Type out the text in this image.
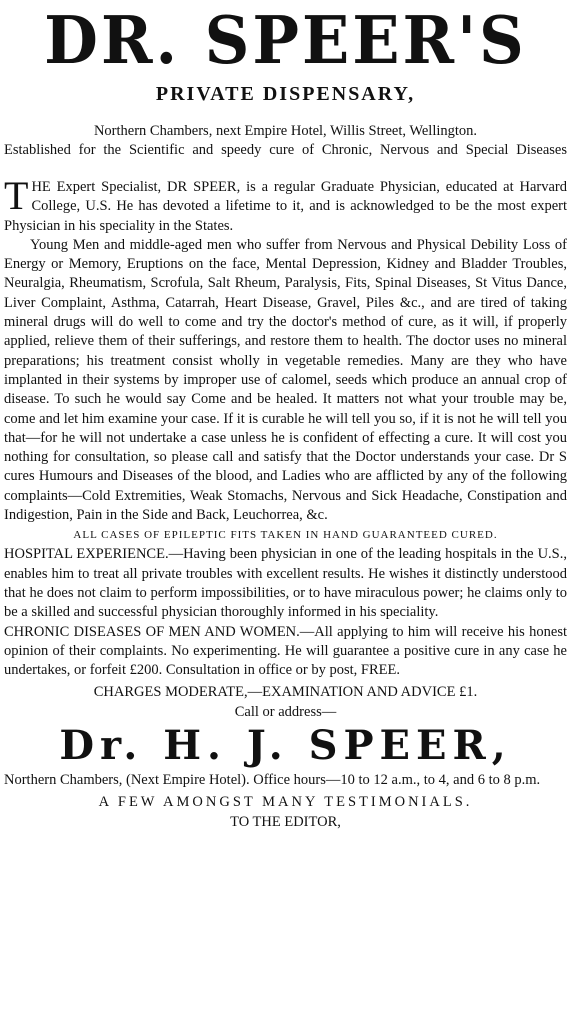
DR. SPEER'S
PRIVATE DISPENSARY,
Northern Chambers, next Empire Hotel, Willis Street, Wellington.
Established for the Scientific and speedy cure of Chronic, Nervous and Special Diseases

THE Expert Specialist, DR SPEER, is a regular Graduate Physician, educated at Harvard College, U.S. He has devoted a lifetime to it, and is acknowledged to be the most expert Physician in his speciality in the States.

Young Men and middle-aged men who suffer from Nervous and Physical Debility Loss of Energy or Memory, Eruptions on the face, Mental Depression, Kidney and Bladder Troubles, Neuralgia, Rheumatism, Scrofula, Salt Rheum, Paralysis, Fits, Spinal Diseases, St Vitus Dance, Liver Complaint, Asthma, Catarrah, Heart Disease, Gravel, Piles &c., and are tired of taking mineral drugs will do well to come and try the doctor's method of cure, as it will, if properly applied, relieve them of their sufferings, and restore them to health. The doctor uses no mineral preparations; his treatment consist wholly in vegetable remedies. Many are they who have implanted in their systems by improper use of calomel, seeds which produce an annual crop of disease. To such he would say Come and be healed. It matters not what your trouble may be, come and let him examine your case. If it is curable he will tell you so, if it is not he will tell you that—for he will not undertake a case unless he is confident of effecting a cure. It will cost you nothing for consultation, so please call and satisfy that the Doctor understands your case. Dr S cures Humours and Diseases of the blood, and Ladies who are afflicted by any of the following complaints—Cold Extremities, Weak Stomachs, Nervous and Sick Headache, Constipation and Indigestion, Pain in the Side and Back, Leuchorrea, &c.

ALL CASES OF EPILEPTIC FITS TAKEN IN HAND GUARANTEED CURED.

HOSPITAL EXPERIENCE.—Having been physician in one of the leading hospitals in the U.S., enables him to treat all private troubles with excellent results. He wishes it distinctly understood that he does not claim to perform impossibilities, or to have miraculous power; he claims only to be a skilled and successful physician thoroughly informed in his speciality.

CHRONIC DISEASES OF MEN AND WOMEN.—All applying to him will receive his honest opinion of their complaints. No experimenting. He will guarantee a positive cure in any case he undertakes, or forfeit £200. Consultation in office or by post, FREE.

CHARGES MODERATE,—EXAMINATION AND ADVICE £1.
Call or address—
Dr. H. J. SPEER,
Northern Chambers, (Next Empire Hotel). Office hours—10 to 12 a.m., to 4, and 6 to 8 p.m.
A FEW AMONGST MANY TESTIMONIALS.
TO THE EDITOR,
